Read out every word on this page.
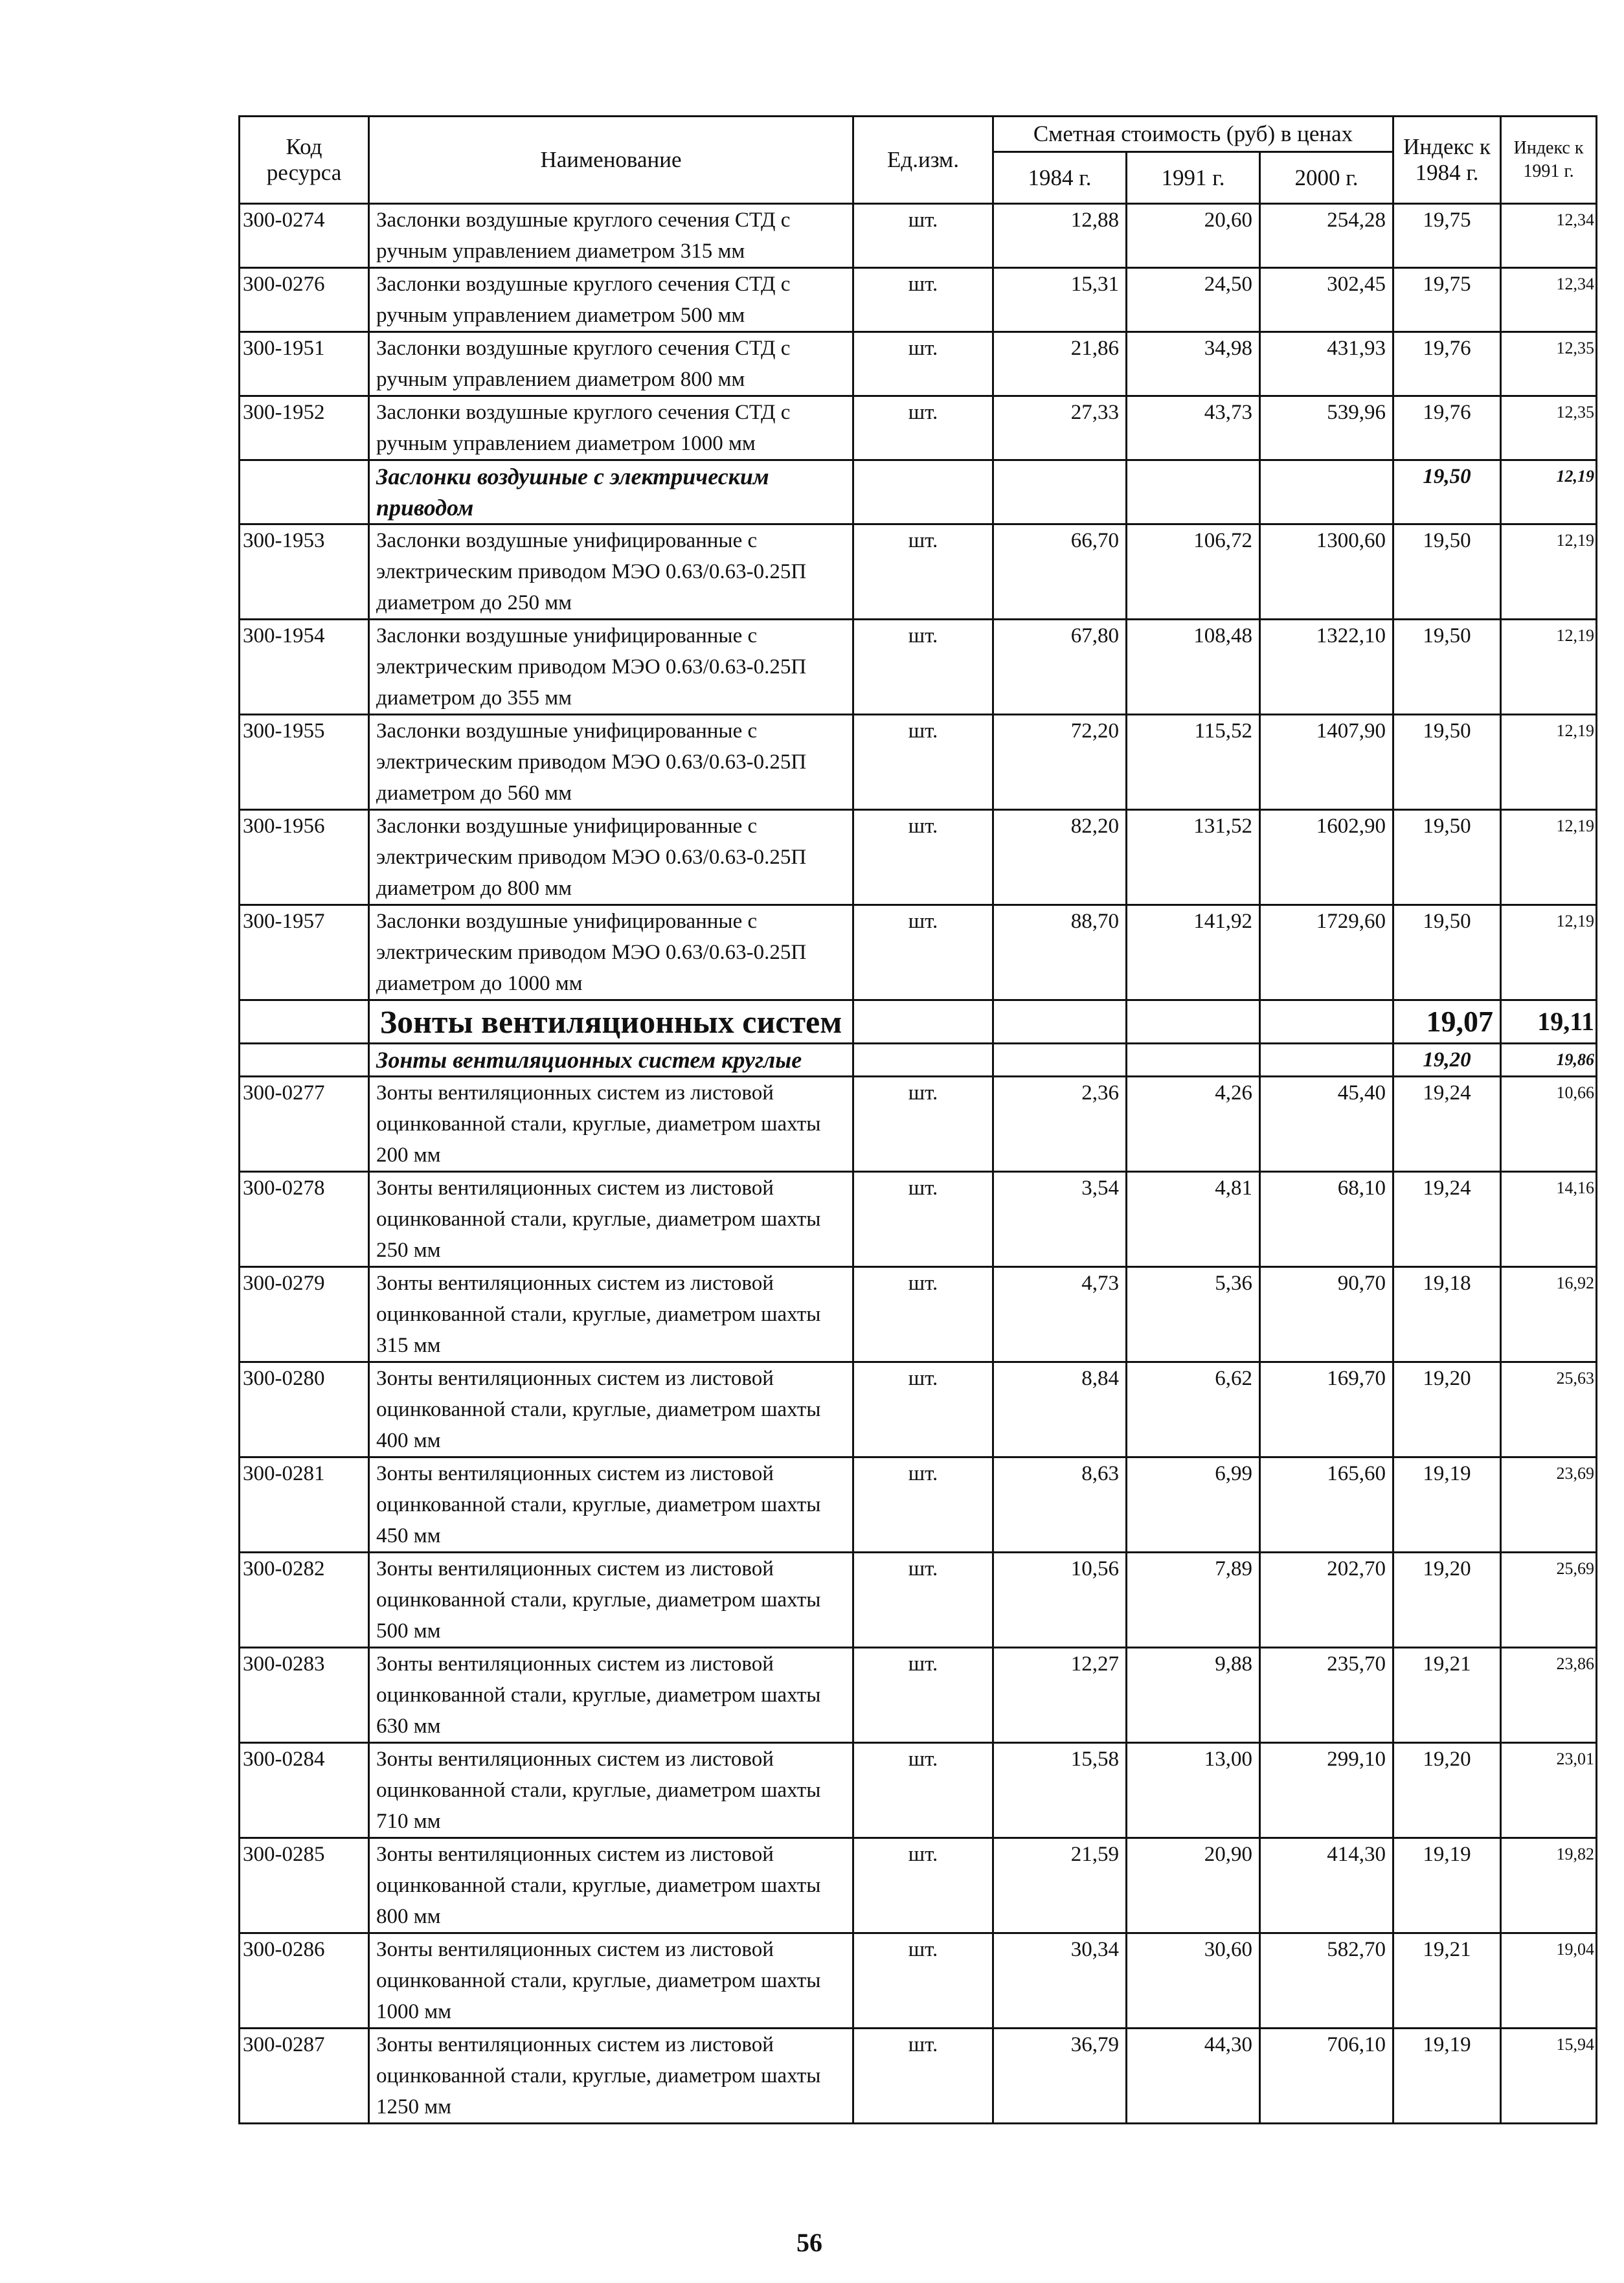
Код ресурса	Наименование	Ед.изм.	Сметная стоимость (руб) в ценах			Индекс к 1984 г.	Индекс к 1991 г.
			1984 г.	1991 г.	2000 г.		
300-0274	Заслонки воздушные круглого сечения СТД с ручным управлением диаметром 315 мм	шт.	12,88	20,60	254,28	19,75	12,34
300-0276	Заслонки воздушные круглого сечения СТД с ручным управлением диаметром 500 мм	шт.	15,31	24,50	302,45	19,75	12,34
300-1951	Заслонки воздушные круглого сечения СТД с ручным управлением диаметром 800 мм	шт.	21,86	34,98	431,93	19,76	12,35
300-1952	Заслонки воздушные круглого сечения СТД с ручным управлением диаметром 1000 мм	шт.	27,33	43,73	539,96	19,76	12,35
	Заслонки воздушные с электрическим приводом					19,50	12,19
300-1953	Заслонки воздушные унифицированные с электрическим приводом МЭО 0.63/0.63-0.25П диаметром до 250 мм	шт.	66,70	106,72	1300,60	19,50	12,19
300-1954	Заслонки воздушные унифицированные с электрическим приводом МЭО 0.63/0.63-0.25П диаметром до 355 мм	шт.	67,80	108,48	1322,10	19,50	12,19
300-1955	Заслонки воздушные унифицированные с электрическим приводом МЭО 0.63/0.63-0.25П диаметром до 560 мм	шт.	72,20	115,52	1407,90	19,50	12,19
300-1956	Заслонки воздушные унифицированные с электрическим приводом МЭО 0.63/0.63-0.25П диаметром до 800 мм	шт.	82,20	131,52	1602,90	19,50	12,19
300-1957	Заслонки воздушные унифицированные с электрическим приводом МЭО 0.63/0.63-0.25П диаметром до 1000 мм	шт.	88,70	141,92	1729,60	19,50	12,19
	Зонты вентиляционных систем					19,07	19,11
	Зонты вентиляционных систем круглые					19,20	19,86
300-0277	Зонты вентиляционных систем из листовой оцинкованной стали, круглые, диаметром шахты 200 мм	шт.	2,36	4,26	45,40	19,24	10,66
300-0278	Зонты вентиляционных систем из листовой оцинкованной стали, круглые, диаметром шахты 250 мм	шт.	3,54	4,81	68,10	19,24	14,16
300-0279	Зонты вентиляционных систем из листовой оцинкованной стали, круглые, диаметром шахты 315 мм	шт.	4,73	5,36	90,70	19,18	16,92
300-0280	Зонты вентиляционных систем из листовой оцинкованной стали, круглые, диаметром шахты 400 мм	шт.	8,84	6,62	169,70	19,20	25,63
300-0281	Зонты вентиляционных систем из листовой оцинкованной стали, круглые, диаметром шахты 450 мм	шт.	8,63	6,99	165,60	19,19	23,69
300-0282	Зонты вентиляционных систем из листовой оцинкованной стали, круглые, диаметром шахты 500 мм	шт.	10,56	7,89	202,70	19,20	25,69
300-0283	Зонты вентиляционных систем из листовой оцинкованной стали, круглые, диаметром шахты 630 мм	шт.	12,27	9,88	235,70	19,21	23,86
300-0284	Зонты вентиляционных систем из листовой оцинкованной стали, круглые, диаметром шахты 710 мм	шт.	15,58	13,00	299,10	19,20	23,01
300-0285	Зонты вентиляционных систем из листовой оцинкованной стали, круглые, диаметром шахты 800 мм	шт.	21,59	20,90	414,30	19,19	19,82
300-0286	Зонты вентиляционных систем из листовой оцинкованной стали, круглые, диаметром шахты 1000 мм	шт.	30,34	30,60	582,70	19,21	19,04
300-0287	Зонты вентиляционных систем из листовой оцинкованной стали, круглые, диаметром шахты 1250 мм	шт.	36,79	44,30	706,10	19,19	15,94
56
